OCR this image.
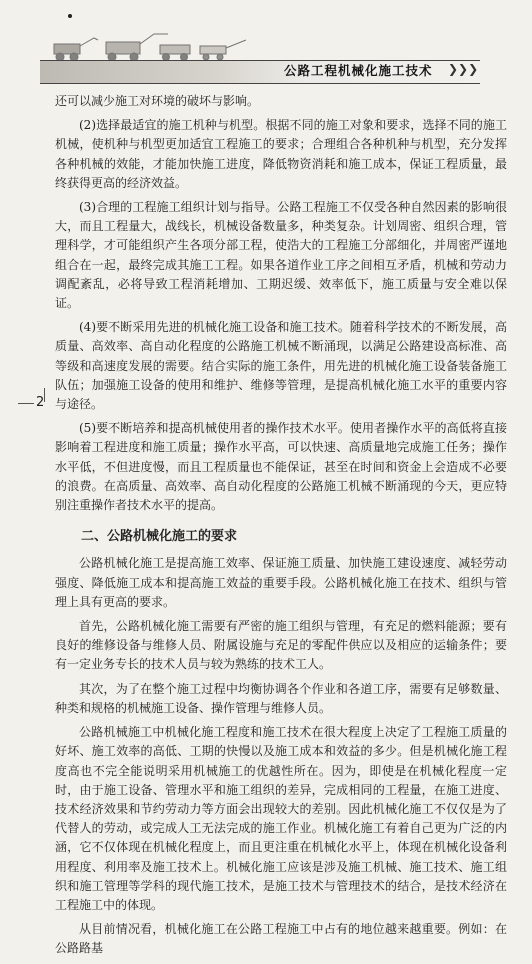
公路工程机械化施工技术 ❯❯❯
2

还可以减少施工对环境的破坏与影响。

(2)选择最适宜的施工机种与机型。根据不同的施工对象和要求，选择不同的施工机械，使机种与机型更加适宜工程施工的要求；合理组合各种机种与机型，充分发挥各种机械的效能，才能加快施工进度，降低物资消耗和施工成本，保证工程质量，最终获得更高的经济效益。

(3)合理的工程施工组织计划与指导。公路工程施工不仅受各种自然因素的影响很大，而且工程量大，战线长，机械设备数量多，种类复杂。计划周密、组织合理，管理科学，才可能组织产生各项分部工程，使浩大的工程施工分部细化，并周密严谨地组合在一起，最终完成其施工工程。如果各道作业工序之间相互矛盾，机械和劳动力调配紊乱，必将导致工程消耗增加、工期迟缓、效率低下，施工质量与安全难以保证。

(4)要不断采用先进的机械化施工设备和施工技术。随着科学技术的不断发展，高质量、高效率、高自动化程度的公路施工机械不断涌现，以满足公路建设高标准、高等级和高速度发展的需要。结合实际的施工条件，用先进的机械化施工设备装备施工队伍；加强施工设备的使用和维护、维修等管理，是提高机械化施工水平的重要内容与途径。

(5)要不断培养和提高机械使用者的操作技术水平。使用者操作水平的高低将直接影响着工程进度和施工质量；操作水平高，可以快速、高质量地完成施工任务；操作水平低，不但进度慢，而且工程质量也不能保证，甚至在时间和资金上会造成不必要的浪费。在高质量、高效率、高自动化程度的公路施工机械不断涌现的今天，更应特别注重操作者技术水平的提高。

二、公路机械化施工的要求

公路机械化施工是提高施工效率、保证施工质量、加快施工建设速度、减轻劳动强度、降低施工成本和提高施工效益的重要手段。公路机械化施工在技术、组织与管理上具有更高的要求。

首先，公路机械化施工需要有严密的施工组织与管理，有充足的燃料能源；要有良好的维修设备与维修人员、附属设施与充足的零配件供应以及相应的运输条件；要有一定业务专长的技术人员与较为熟练的技术工人。

其次，为了在整个施工过程中均衡协调各个作业和各道工序，需要有足够数量、种类和规格的机械施工设备、操作管理与维修人员。

公路机械施工中机械化施工程度和施工技术在很大程度上决定了工程施工质量的好坏、施工效率的高低、工期的快慢以及施工成本和效益的多少。但是机械化施工程度高也不完全能说明采用机械施工的优越性所在。因为，即使是在机械化程度一定时，由于施工设备、管理水平和施工组织的差异，完成相同的工程量，在施工进度、技术经济效果和节约劳动力等方面会出现较大的差别。因此机械化施工不仅仅是为了代替人的劳动，或完成人工无法完成的施工作业。机械化施工有着自己更为广泛的内涵，它不仅体现在机械化程度上，而且更注重在机械化水平上，体现在机械化设备利用程度、利用率及施工技术上。机械化施工应该是涉及施工机械、施工技术、施工组织和施工管理等学科的现代施工技术，是施工技术与管理技术的结合，是技术经济在工程施工中的体现。

从目前情况看，机械化施工在公路工程施工中占有的地位越来越重要。例如：在公路路基
